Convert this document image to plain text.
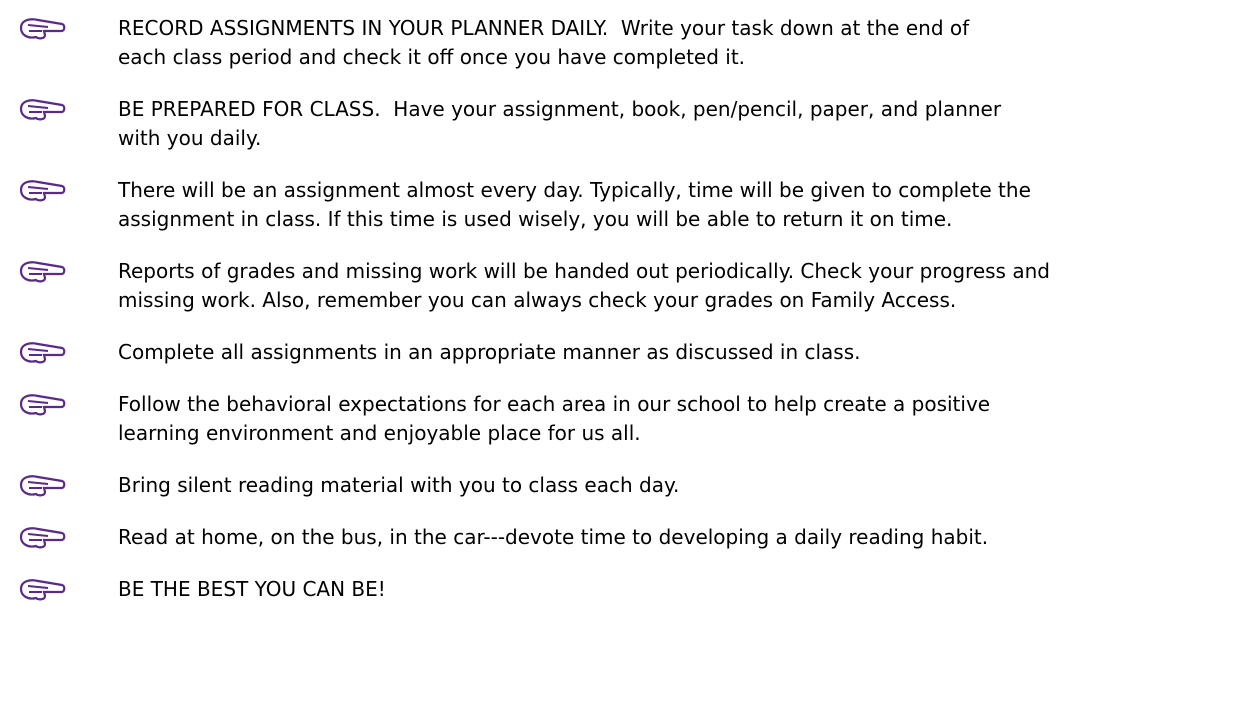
RECORD ASSIGNMENTS IN YOUR PLANNER DAILY.  Write your task down at the end of

each class period and check it off once you have completed it.

BE PREPARED FOR CLASS.  Have your assignment, book, pen/pencil, paper, and planner

with you daily.

There will be an assignment almost every day. Typically, time will be given to complete the

assignment in class. If this time is used wisely, you will be able to return it on time.

Reports of grades and missing work will be handed out periodically. Check your progress and

missing work. Also, remember you can always check your grades on Family Access.

Complete all assignments in an appropriate manner as discussed in class.

Follow the behavioral expectations for each area in our school to help create a positive

learning environment and enjoyable place for us all.

Bring silent reading material with you to class each day.

Read at home, on the bus, in the car---devote time to developing a daily reading habit.

BE THE BEST YOU CAN BE!
